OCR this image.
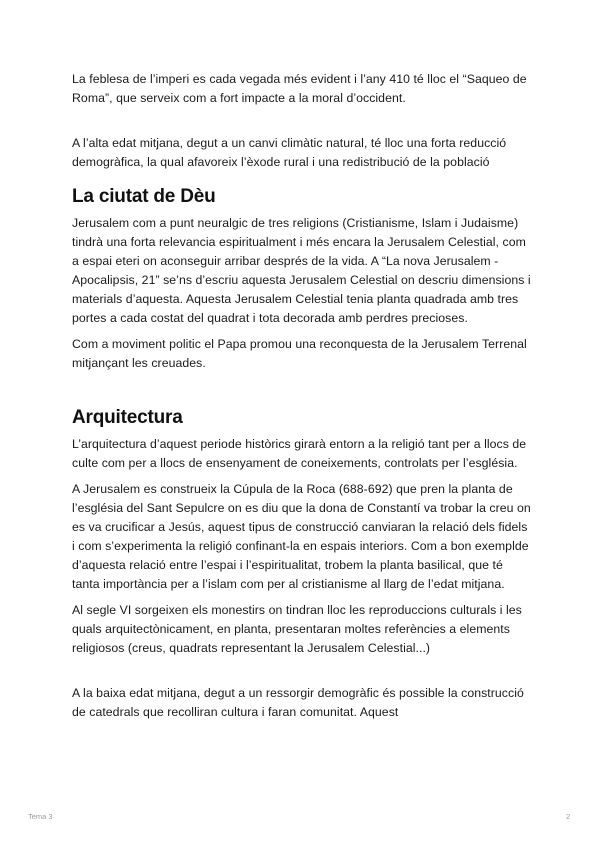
La feblesa de l’imperi es cada vegada més evident i l’any 410 té lloc el “Saqueo de Roma”, que serveix com a fort impacte a la moral d’occident.

A l’alta edat mitjana, degut a un canvi climàtic natural, té lloc una forta reducció demogràfica, la qual afavoreix l’èxode rural i una redistribució de la població

La ciutat de Dèu

Jerusalem com a punt neuralgic de tres religions (Cristianisme, Islam i Judaisme) tindrà una forta relevancia espiritualment i més encara la Jerusalem Celestial, com a espai eteri on aconseguir arribar després de la vida. A “La nova Jerusalem - Apocalipsis, 21” se’ns d’escriu aquesta Jerusalem Celestial on descriu dimensions i materials d’aquesta. Aquesta Jerusalem Celestial tenia planta quadrada amb tres portes a cada costat del quadrat i tota decorada amb perdres precioses.

Com a moviment politic el Papa promou una reconquesta de la Jerusalem Terrenal mitjançant les creuades.

Arquitectura

L’arquitectura d’aquest periode històrics girarà entorn a la religió tant per a llocs de culte com per a llocs de ensenyament de coneixements, controlats per l’església.

A Jerusalem es construeix la Cúpula de la Roca (688-692) que pren la planta de l’església del Sant Sepulcre on es diu que la dona de Constantí va trobar la creu on es va crucificar a Jesús, aquest tipus de construcció canviaran la relació dels fidels i com s’experimenta la religió confinant-la en espais interiors. Com a bon exemplde d’aquesta relació entre l’espai i l’espiritualitat, trobem la planta basilical, que té tanta importància per a l’islam com per al cristianisme al llarg de l’edat mitjana.

Al segle VI sorgeixen els monestirs on tindran lloc les reproduccions culturals i les quals arquitectònicament, en planta, presentaran moltes referències a elements religiosos (creus, quadrats representant la Jerusalem Celestial...)

A la baixa edat mitjana, degut a un ressorgir demogràfic és possible la construcció de catedrals que recolliran cultura i faran comunitat. Aquest

Tema 3	2
